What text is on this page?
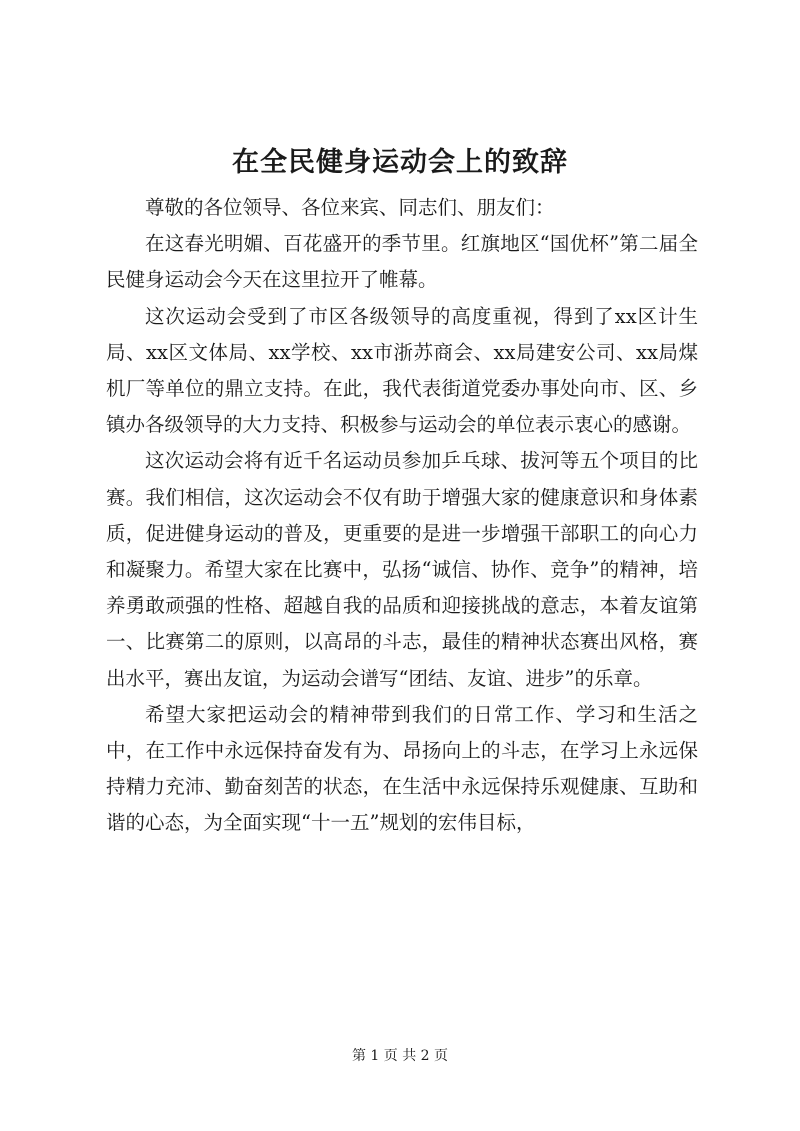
在全民健身运动会上的致辞

尊敬的各位领导、各位来宾、同志们、朋友们：

在这春光明媚、百花盛开的季节里。红旗地区“国优杯”第二届全民健身运动会今天在这里拉开了帷幕。

这次运动会受到了市区各级领导的高度重视，得到了xx区计生局、xx区文体局、xx学校、xx市浙苏商会、xx局建安公司、xx局煤机厂等单位的鼎立支持。在此，我代表街道党委办事处向市、区、乡镇办各级领导的大力支持、积极参与运动会的单位表示衷心的感谢。

这次运动会将有近千名运动员参加乒乓球、拔河等五个项目的比赛。我们相信，这次运动会不仅有助于增强大家的健康意识和身体素质，促进健身运动的普及，更重要的是进一步增强干部职工的向心力和凝聚力。希望大家在比赛中，弘扬“诚信、协作、竞争”的精神，培养勇敢顽强的性格、超越自我的品质和迎接挑战的意志，本着友谊第一、比赛第二的原则，以高昂的斗志，最佳的精神状态赛出风格，赛出水平，赛出友谊，为运动会谱写“团结、友谊、进步”的乐章。

希望大家把运动会的精神带到我们的日常工作、学习和生活之中，在工作中永远保持奋发有为、昂扬向上的斗志，在学习上永远保持精力充沛、勤奋刻苦的状态，在生活中永远保持乐观健康、互助和谐的心态，为全面实现“十一五”规划的宏伟目标，

第 1 页 共 2 页
